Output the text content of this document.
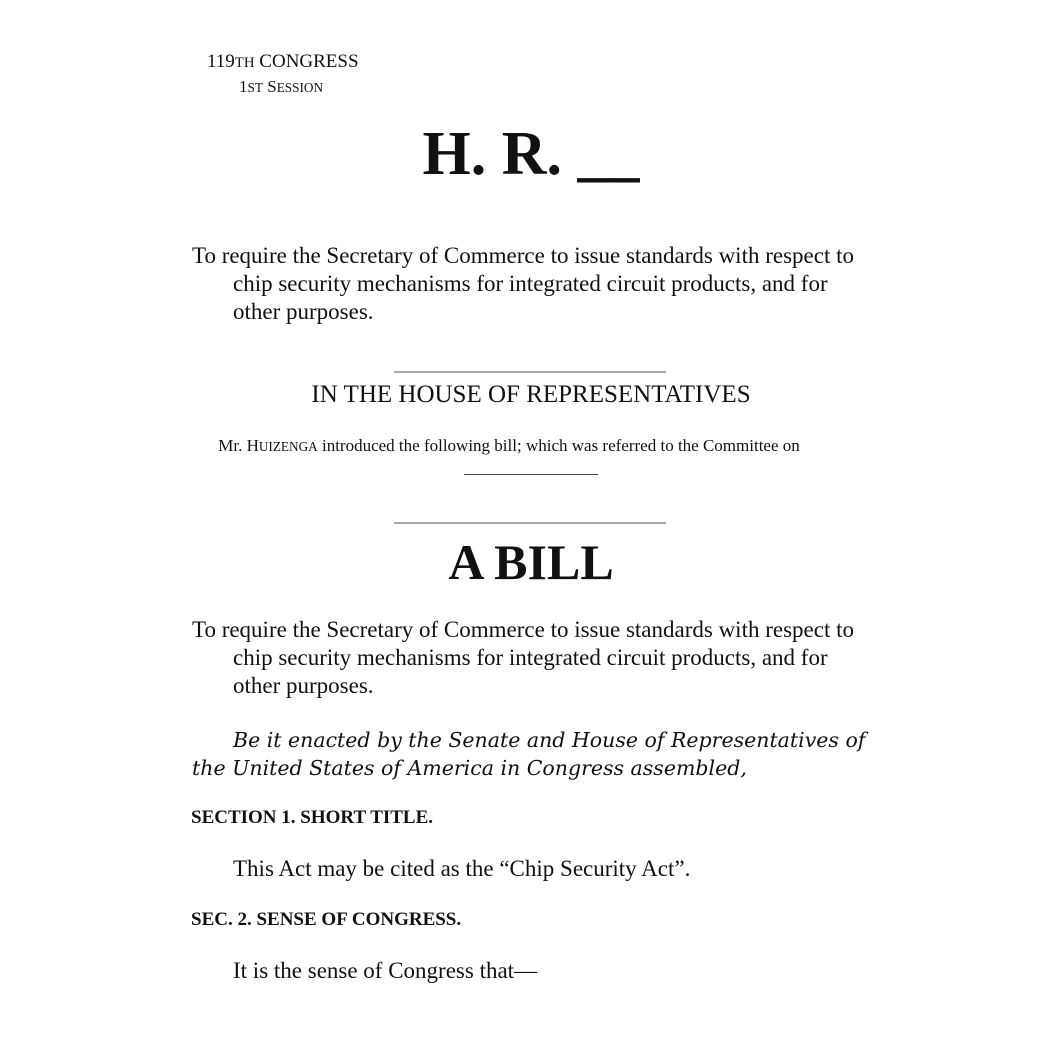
119TH CONGRESS
1ST SESSION
H. R. __
To require the Secretary of Commerce to issue standards with respect to chip security mechanisms for integrated circuit products, and for other purposes.
IN THE HOUSE OF REPRESENTATIVES
Mr. HUIZENGA introduced the following bill; which was referred to the Committee on
A BILL
To require the Secretary of Commerce to issue standards with respect to chip security mechanisms for integrated circuit products, and for other purposes.
Be it enacted by the Senate and House of Representatives of the United States of America in Congress assembled,
SECTION 1. SHORT TITLE.
This Act may be cited as the “Chip Security Act”.
SEC. 2. SENSE OF CONGRESS.
It is the sense of Congress that—
